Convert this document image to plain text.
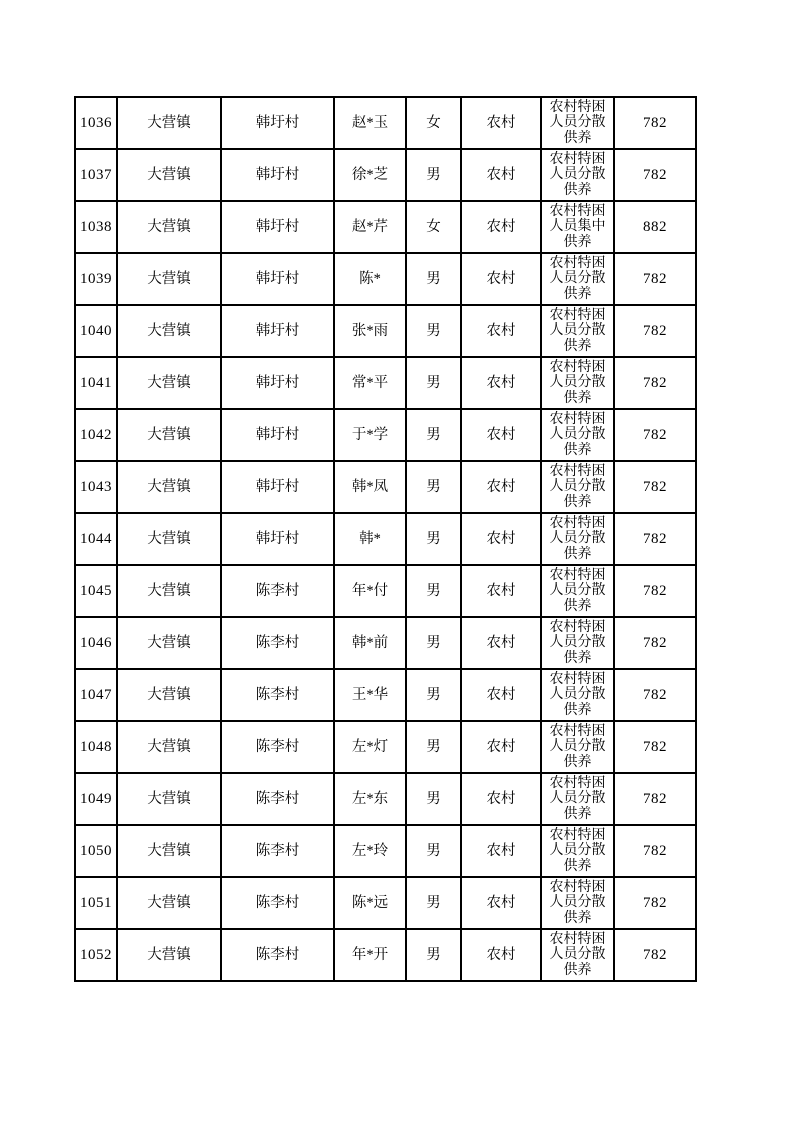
1036	大营镇	韩圩村	赵*玉	女	农村	农村特困人员分散供养	782
1037	大营镇	韩圩村	徐*芝	男	农村	农村特困人员分散供养	782
1038	大营镇	韩圩村	赵*芹	女	农村	农村特困人员集中供养	882
1039	大营镇	韩圩村	陈*	男	农村	农村特困人员分散供养	782
1040	大营镇	韩圩村	张*雨	男	农村	农村特困人员分散供养	782
1041	大营镇	韩圩村	常*平	男	农村	农村特困人员分散供养	782
1042	大营镇	韩圩村	于*学	男	农村	农村特困人员分散供养	782
1043	大营镇	韩圩村	韩*凤	男	农村	农村特困人员分散供养	782
1044	大营镇	韩圩村	韩*	男	农村	农村特困人员分散供养	782
1045	大营镇	陈李村	年*付	男	农村	农村特困人员分散供养	782
1046	大营镇	陈李村	韩*前	男	农村	农村特困人员分散供养	782
1047	大营镇	陈李村	王*华	男	农村	农村特困人员分散供养	782
1048	大营镇	陈李村	左*灯	男	农村	农村特困人员分散供养	782
1049	大营镇	陈李村	左*东	男	农村	农村特困人员分散供养	782
1050	大营镇	陈李村	左*玲	男	农村	农村特困人员分散供养	782
1051	大营镇	陈李村	陈*远	男	农村	农村特困人员分散供养	782
1052	大营镇	陈李村	年*开	男	农村	农村特困人员分散供养	782
